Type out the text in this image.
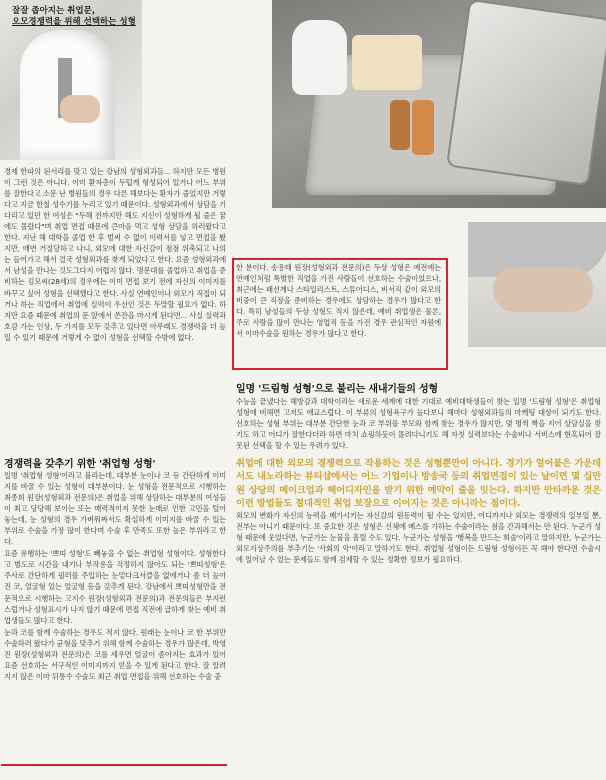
잘잘 좁아지는 취업문,
오모경쟁력을 위해 선택하는 성형

경제 한파의 된서리를 맞고 있는 강남의 성형외과들... 하지만 모든 병원이 그런 것은 아니다. 이미 환자층이 두텁게 형성되어 있거나 어느 부위를 잘한다고 소문 난 병원들의 경우 다른 해보다는 환자가 줄었지만 거렇다고 지금 한철 성수기를 누리고 있기 때문이다. 성형외과에서 상담을 기다리고 있던 한 여성은 "두해 전까지만 해도 지신이 성형하게 될 줄은 꿈에도 몰랐다"며 취업 면접 때문에 큰마음 먹고 성형 상담을 하러왔다고 한다. 지난 해 대학을 졸업 한 후 벌써 수 없이 이력서를 넣고 면접을 봤지만, 매번 거절당하고 나니, 외모에 대한 자신감이 점점 위축되고 나의는 들어가고 해서 결국 성형외과를 찾게 되었다고 한다. 요즘 성형외과에서 남성을 만나는 것도그다지 어렵지 않다. 명문대를 졸업하고 취업을 준비하는 김모씨(28세)의 경우에는 이미 면접 보기 전에 자신의 이미지를 바꾸고 싶어 성형을 선택했다고 한다. 사실 연예인이나 외모가 직접이 되거나 하는 직업에서 취업에 실력이 우선인 것은 두말할 필요가 없다. 하지만 요즘 때문에 취업의 문 앞에서 쓴잔을 마시게 된다면... 사실 실력과 호감 가는 인상, 두 가지를 모두 갖추고 있다면 아무래도 경쟁력을 더 높일 수 있기 때문에 거렇게 수 없이 성형을 선택할 수밖에 없다.

경쟁력을 갖추기 위한 '취업형 성형'

일명 '취업형 성형'이라고 불리는데, 대부분 눈이나 코 등 간단하게 이미지를 바꿀 수 있는 성형이 대부분이다. 눈 성형을 전문적으로 시행하는 최종희 원장(성형외과 전문의)은 취업을 위해 상담하는 대부분의 여성들이 최고 당당해 보이는 또는 매력적이지 못한 눈매로 인한 고민을 털어 놓는데, 눈 성형의 경우 가벼워짜서도 확실하게 이미지를 바꿀 수 있는 부위로 수술을 가장 많이 한다며 수술 후 만족도 또한 높은 부위라고 한다.

요즘 유행하는 '쁘띠 성형'도 빼놓을 수 없는 취업형 성형이다. 성형한다고 별도로 시간을 내기나 부작용을 걱정하지 않아도 되는 '쁘띠성형'은 주사로 간단하게 필러를 주입하는 눈밑다크서클을 없애거나 좀 더 높아진 코, 얼굴형 있는 얼굴형 등을 갖추게 된다. 강남에서 쁘띠성형만을 전문적으로 시행하는 고지수 원장(성형외과 전문의)과 전문의들은 부지런스럽거나 성형표시가 나지 않기 때문에 면접 직전에 급하게 찾는 예비 취업생들도 많다고 한다.

눈과 코를 함께 수술하는 경우도 적지 않다. 원래는 눈이나 코 한 부위만 수술하러 왔다가 균형을 맞추기 위해 함께 수술하는 경우가 많은데, 박영진 원장(성형외과 전문의)은 코를 세우면 얼굴이 좀아지는 효과가 있어 요즘 선호하는 서구적인 이미지까지 얻을 수 있게 된다고 한다. 잘 알려지지 않은 이마 뒤통수 수술도 최근 취업 면접을 위해 선호하는 수술 중

한 분이다. 송용태 원장(성형외과 전문의)은 두상 성형은 예전에는 연예인처럼 특별한 직업을 가진 사람들이 선호하는 수술이었으나, 최근에는 패션계나 스타일리스트, 스튜어디스, 비서직 같이 외모의 비중이 큰 직장을 준비하는 경우에도 상담하는 경우가 많다고 한다. 특히 남성들의 두상 성형도 적지 않은데, 예비 취업생은 물론, 주로 사람을 많이 만나는 영업직 등을 가진 경우 관심적인 자원에서 이마수술을 원하는 경우가 많다고 한다.

일명 '드림형 성형'으로 불리는 새내기들의 성형

수능을 끝냈다는 해방감과 대학이라는 새로운 세계에 대한 기대로 예비대학생들이 찾는 일명 '드림형 성형'은 취업형 성형에 비해면 고저도 애교스럽다. 이 부류의 성형욕구가 높다보니 해마다 성형외과들의 마케팅 대상이 되기도 한다. 선호하는 성형 부위는 대부분 간단한 눈과 코 부위를 부모와 함께 찾는 경우가 많지만, 몇 명씩 짝을 지어 상담실을 찾기도 하고 어디가 잘한다더라 하면 마치 쇼핑하듯이 몰려다니기도 해 자칫 실력보다는 수술비나 서비스에 현혹되어 잘못된 선택을 할 수 있는 우려가 있다.

취업에 대한 외모의 경쟁력으로 작용하는 것은 성형뿐만이 아니다. 경기가 얼어붙은 가운데서도 내노라하는 뷰티샵에서는 어느 기업이나 방송국 등의 취업면접이 있는 날이면 몇 십만 원 상당의 메이크업과 헤어디자인을 받기 위한 예약이 줄을 잇는다. 하지만 안타까운 것은 이런 방법들도 절대적인 취업 보장으로 이어지는 것은 아니라는 점이다.

외모의 변화가 자신의 능력을 배가시키는 자신감의 원동력이 될 수는 있지만, 어디까지나 외모는 경쟁력의 일부일 뿐, 전부는 아니기 때문이다. 또 중요한 것은 성형은 신체에 메스를 가하는 수술이라는 점을 간과해서는 안 된다. 누군가 성형 때문에 웃었다면, 누군가는 눈물을 흘릴 수도 있다. 누군가는 성형을 '행복을 만드는 희술'이라고 말하지만, 누군가는 외모지상주의를 부추기는 '사회의 악'이라고 말하기도 한다. 취업형 성형이든 드림형 성형이든 꼭 해야 한다면 수술시에 일어날 수 있는 문제들도 함께 검제할 수 있는 정확한 정보가 필요하다.
